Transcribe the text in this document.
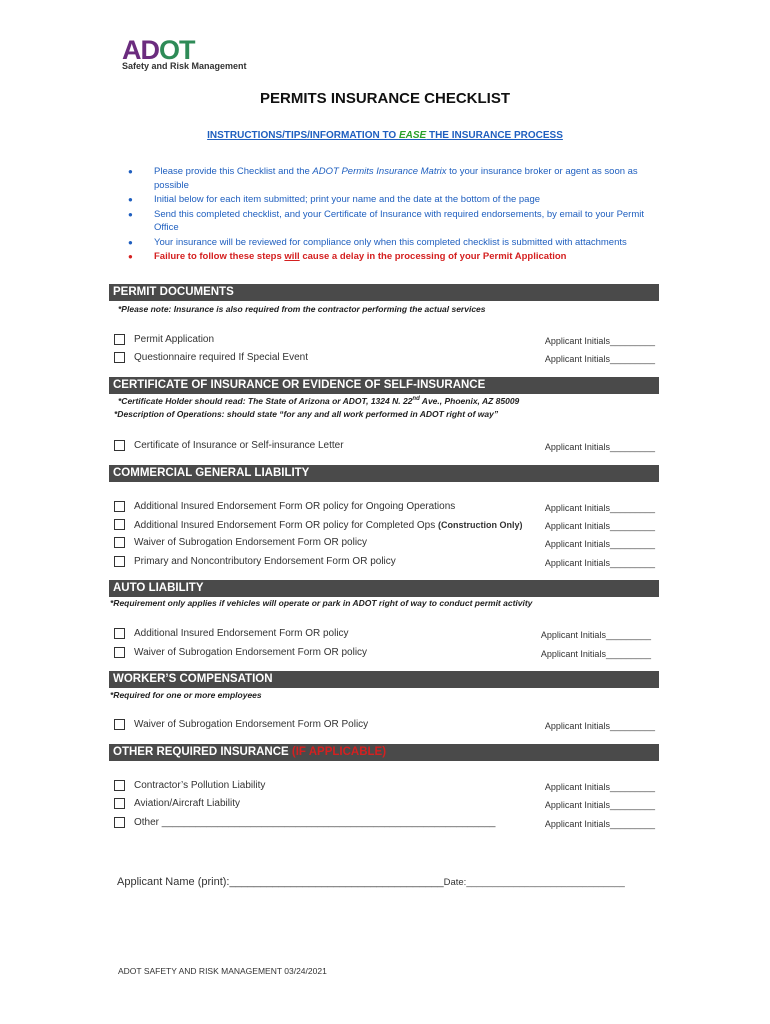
ADOT
Safety and Risk Management
PERMITS INSURANCE CHECKLIST
INSTRUCTIONS/TIPS/INFORMATION TO EASE THE INSURANCE PROCESS
● Please provide this Checklist and the ADOT Permits Insurance Matrix to your insurance broker or agent as soon as possible
● Initial below for each item submitted; print your name and the date at the bottom of the page
● Send this completed checklist, and your Certificate of Insurance with required endorsements, by email to your Permit Office
● Your insurance will be reviewed for compliance only when this completed checklist is submitted with attachments
● Failure to follow these steps will cause a delay in the processing of your Permit Application
PERMIT DOCUMENTS
*Please note: Insurance is also required from the contractor performing the actual services
Permit Application	Applicant Initials_________
Questionnaire required If Special Event	Applicant Initials_________
CERTIFICATE OF INSURANCE OR EVIDENCE OF SELF-INSURANCE
*Certificate Holder should read: The State of Arizona or ADOT, 1324 N. 22nd Ave., Phoenix, AZ 85009
*Description of Operations: should state “for any and all work performed in ADOT right of way”
Certificate of Insurance or Self-insurance Letter	Applicant Initials_________
COMMERCIAL GENERAL LIABILITY
Additional Insured Endorsement Form OR policy for Ongoing Operations	Applicant Initials_________
Additional Insured Endorsement Form OR policy for Completed Ops (Construction Only) Applicant Initials_________
Waiver of Subrogation Endorsement Form OR policy	Applicant Initials_________
Primary and Noncontributory Endorsement Form OR policy	Applicant Initials_________
AUTO LIABILITY
*Requirement only applies if vehicles will operate or park in ADOT right of way to conduct permit activity
Additional Insured Endorsement Form OR policy	Applicant Initials_________
Waiver of Subrogation Endorsement Form OR policy	Applicant Initials_________
WORKER’S COMPENSATION
*Required for one or more employees
Waiver of Subrogation Endorsement Form OR Policy	Applicant Initials_________
OTHER REQUIRED INSURANCE (IF APPLICABLE)
Contractor’s Pollution Liability	Applicant Initials_________
Aviation/Aircraft Liability	Applicant Initials_________
Other ____________________________________________________________	Applicant Initials_________
Applicant Name (print):___________________________________Date:______________________________
ADOT SAFETY AND RISK MANAGEMENT 03/24/2021
